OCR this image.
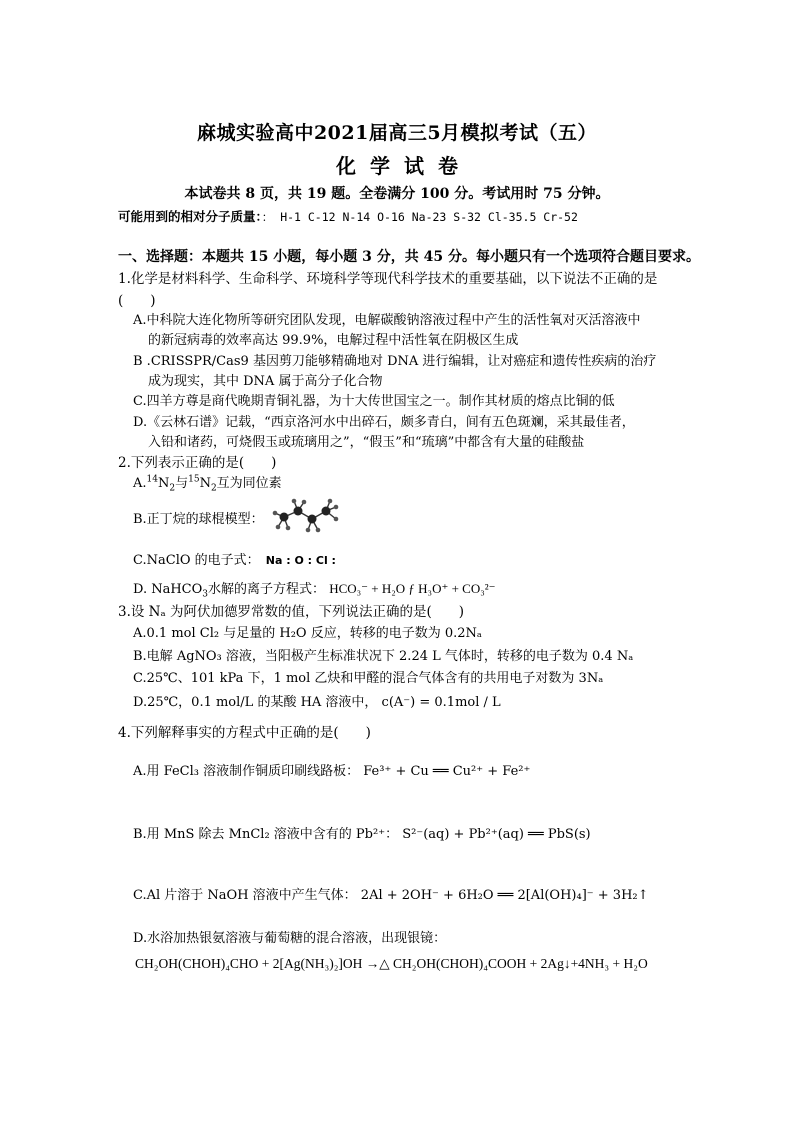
麻城实验高中2021届高三5月模拟考试（五）
化学试卷
本试卷共 8 页，共 19 题。全卷满分 100 分。考试用时 75 分钟。
可能用到的相对分子质量：： H-1 C-12 N-14 O-16 Na-23 S-32 Cl-35.5 Cr-52
一、选择题：本题共 15 小题，每小题 3 分，共 45 分。每小题只有一个选项符合题目要求。
1.化学是材料科学、生命科学、环境科学等现代科学技术的重要基础，以下说法不正确的是
(　　)
A.中科院大连化物所等研究团队发现，电解碳酸钠溶液过程中产生的活性氧对灭活溶液中
的新冠病毒的效率高达 99.9%，电解过程中活性氧在阴极区生成
B .CRISSPR/Cas9 基因剪刀能够精确地对 DNA 进行编辑，让对癌症和遗传性疾病的治疗
成为现实，其中 DNA 属于高分子化合物
C.四羊方尊是商代晚期青铜礼器，为十大传世国宝之一。制作其材质的熔点比铜的低
D.《云林石谱》记载，“西京洛河水中出碎石，颇多青白，间有五色斑斓，采其最佳者，
入铅和诸药，可烧假玉或琉璃用之”，“假玉”和“琉璃”中都含有大量的硅酸盐
2.下列表示正确的是(　　)
$A.^{14}N_2$与$^{15}N_2$互为同位素
B.正丁烷的球棍模型：
C.NaClO 的电子式： Na : O : Cl :
D. NaHCO$_3$水解的离子方程式： HCO₃⁻ + H₂O ƒ H₃O⁺ + CO₃²⁻
3.设 Nₐ 为阿伏加德罗常数的值，下列说法正确的是(　　)
A.0.1 mol Cl₂ 与足量的 H₂O 反应，转移的电子数为 0.2Nₐ
B.电解 AgNO₃ 溶液，当阳极产生标准状况下 2.24 L 气体时，转移的电子数为 0.4 Nₐ
C.25℃、101 kPa 下，1 mol 乙炔和甲醛的混合气体含有的共用电子对数为 3Nₐ
D.25℃，0.1 mol/L 的某酸 HA 溶液中， c(A⁻) = 0.1mol / L
4.下列解释事实的方程式中正确的是(　　)
A.用 FeCl₃ 溶液制作铜质印刷线路板： Fe³⁺ + Cu ══ Cu²⁺ + Fe²⁺
B.用 MnS 除去 MnCl₂ 溶液中含有的 Pb²⁺： S²⁻(aq) + Pb²⁺(aq) ══ PbS(s)
C.Al 片溶于 NaOH 溶液中产生气体： 2Al + 2OH⁻ + 6H₂O ══ 2[Al(OH)₄]⁻ + 3H₂↑
D.水浴加热银氨溶液与葡萄糖的混合溶液，出现银镜：
CH₂OH(CHOH)₄CHO + 2[Ag(NH₃)₂]OH →△ CH₂OH(CHOH)₄COOH + 2Ag↓+4NH₃ + H₂O
